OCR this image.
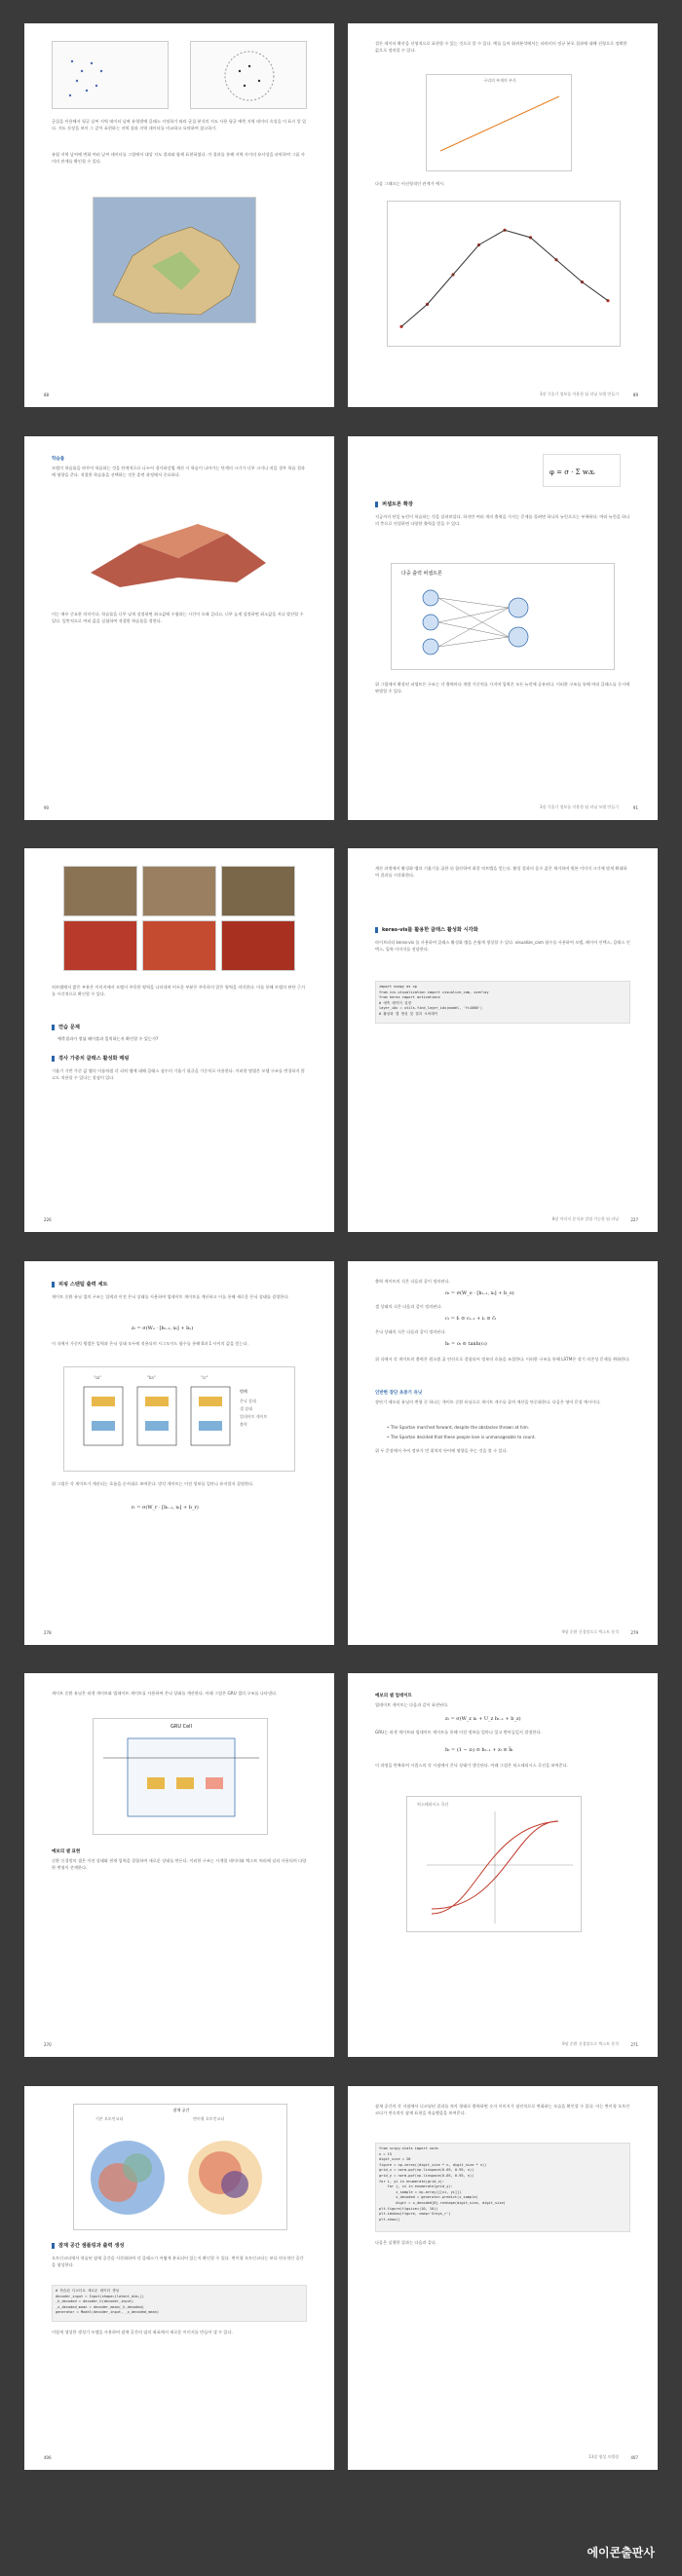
군집을 이용해서 평균 날씨 지역 데이터 날짜 유형별에 클래스 지정하기 따라 군집 분석의 지도 사용 평균 예측 지역 데이터 속성을 이 표시 알 있다. 지도 등장을 보이 그 같이 표현하는 지역 결과 지역 데이터를 비교하고 요약하여 참고하기.
유럽 지역 날씨에 변화 여러 날씨 데이터를 그림에서 대상 지도 결과와 함께 표현하였다. 이 결과를 통해 지역 사이의 유사성을 파악하여 그룹 사이의 관계를 확인할 수 있다.
88
결론 데이터 확산을 선형적으로 표현할 수 있는 것으로 알 수 있다. 예를 들어 회귀분석에서는 파라미터 정규 분포 결과에 대해 선형으로 정확한 값으로 정의할 수 있다.
구리의 부게의 부식
다음 그래프는 비선형적인 관계가 예시.
3장 기울기 정보를 이용한 딥 러닝 모델 만들기	89
학습률
모델이 학습률을 바꾸어 학습하는 것을 단계적으로 나누어 경사하강법 계산 시 학습이 나아가는 단계의 크기가 너무 크거나 작을 경우 학습 결과에 영향을 준다. 적절한 학습률을 선택하는 것은 훈련 과정에서 중요하다.
이는 매우 중요한 의미이다. 학습률을 너무 낮게 설정하면 최소값에 수렴하는 시간이 오래 걸리고, 너무 높게 설정하면 최소값을 지나 발산할 수 있다. 일반적으로 여러 값을 실험하여 적절한 학습률을 정한다.
90
φ = σ · Σ wᵢxᵢ
퍼셉트론 확장
지금까지 단일 뉴런이 학습하는 것을 살펴보았다. 하지만 여러 개의 출력을 가지는 문제를 풀려면 하나의 뉴런으로는 부족하다. 여러 뉴런을 하나의 층으로 연결하면 다양한 출력을 얻을 수 있다.
다중 출력 퍼셉트론
위 그림에서 확장된 퍼셉트론 구조는 각 출력마다 개별 가중치를 가지며 입력은 모든 뉴런에 공유된다. 이러한 구조를 통해 여러 클래스를 동시에 판별할 수 있다.
3장 기울기 정보를 이용한 딥 러닝 모델 만들기	91
히트맵에서 밝은 부분은 이미지에서 모델이 주목한 영역을 나타내며 어두운 부분은 주목하지 않은 영역을 의미한다. 이를 통해 모델의 판단 근거를 시각적으로 확인할 수 있다.
연습 문제
예측결과가 정답 레이블과 일치하는지 확인할 수 있는가?
경사 가중치 클래스 활성화 매핑
기울기 기반 가중 값 맵의 이름처럼 각 피처 맵에 대해 클래스 점수의 기울기 평균을 가중치로 사용한다. 이러한 방법은 모델 구조를 변경하지 않고도 적용할 수 있다는 장점이 있다.
226
계산 과정에서 활성화 맵과 기울기를 곱한 뒤 합산하여 최종 히트맵을 얻는다. 활성 결과의 음수 값은 제거하며 원본 이미지 크기에 맞게 확대하여 결과를 시각화한다.
keras-vis를 활용한 클래스 활성화 시각화
라이브러리 keras-vis 를 사용하여 클래스 활성화 맵을 손쉽게 생성할 수 있다. visualize_cam 함수를 사용하여 모델, 레이어 인덱스, 클래스 인덱스, 입력 이미지를 전달한다.
import numpy as np
from vis.visualization import visualize_cam, overlay
from keras import activations
# 예측 레이어 설정
layer_idx = utils.find_layer_idx(model, 'fc1000')
# 활성화 맵 생성 및 결과 오버레이
8장 이미지 분석과 설명 가능한 딥 러닝	227
피핑 스탠텀 출력 세트
게이트 순환 유닛 셀의 구조는 입력과 이전 은닉 상태를 사용하여 업데이트 게이트를 계산하고 이를 통해 새로운 은닉 상태를 결정한다.
zₜ = σ(Wᵤ · [hₜ₋₁, xₜ] + bᵤ)
이 식에서 가중치 행렬은 입력과 은닉 상태 모두에 적용되며 시그모이드 함수를 통해 0과 1 사이의 값을 얻는다.
"sa"	"ba"	"cr"
범례
은닉 상태
셀 상태
업데이트 게이트
출력
위 그림은 각 게이트가 계산되는 흐름을 순서대로 보여준다. 망각 게이트는 이전 정보를 얼마나 유지할지 결정한다.
rₜ = σ(W_r · [hₜ₋₁, xₜ] + b_r)
278
출력 게이트의 식은 다음과 같이 정의된다.
oₜ = σ(W_o · [hₜ₋₁, xₜ] + b_o)
셀 상태의 식은 다음과 같이 정의된다.
cₜ = fₜ ⊙ cₜ₋₁ + iₜ ⊙ c̃ₜ
은닉 상태의 식은 다음과 같이 정의된다.
hₜ = oₜ ⊙ tanh(cₜ)
위 식에서 각 게이트의 출력은 원소별 곱 연산으로 결합되어 정보의 흐름을 조절한다. 이러한 구조를 통해 LSTM은 장기 의존성 문제를 완화한다.
인반한 장단 초중기 유닛
장단기 메모리 유닛의 변형 중 하나는 게이트 순환 유닛으로 게이트 개수를 줄여 계산을 단순화한다. 다음은 영어 문장 예시이다.
• The Spartan marched forward, despite the obstacles thrown at him.
• The Spartan decided that these people lose is unmanageable to count.
위 두 문장에서 주어 정보가 먼 위치의 단어에 영향을 주는 것을 볼 수 있다.
9장 순환 신경망으로 텍스트 분석	279
게이트 순환 유닛은 리셋 게이트와 업데이트 게이트를 사용하여 은닉 상태를 계산한다. 아래 그림은 GRU 셀의 구조를 나타낸다.
GRU Cell
예보의 셀 표현
순환 신경망의 셀은 이전 상태와 현재 입력을 결합하여 새로운 상태를 만든다. 이러한 구조는 시계열 데이터와 텍스트 처리에 널리 사용되며 다양한 변형이 존재한다.
270
예보의 셀 업데이트
업데이트 게이트는 다음과 같이 표현된다.
zₜ = σ(W_z xₜ + U_z hₜ₋₁ + b_z)
GRU는 리셋 게이트와 업데이트 게이트를 통해 이전 정보를 얼마나 잊고 받아들일지 결정한다.
hₜ = (1 − zₜ) ⊙ hₜ₋₁ + zₜ ⊙ h̃ₜ
이 과정을 반복하여 시퀀스의 각 시점에서 은닉 상태가 갱신된다. 아래 그림은 히스테리시스 곡선을 보여준다.
히스테리시스 곡선
9장 순환 신경망으로 텍스트 분석	271
잠재 공간
기본 오토인코더	변이형 오토인코더
잠재 공간 샘플링과 출력 생성
오토인코더에서 학습된 잠재 공간을 시각화하여 각 클래스가 어떻게 분포되어 있는지 확인할 수 있다. 변이형 오토인코더는 보다 연속적인 공간을 형성한다.
# 학습된 디코더로 새로운 데이터 생성
decoder_input = Input(shape=(latent_dim,))
_h_decoded = decoder_h(decoder_input)
_x_decoded_mean = decoder_mean(_h_decoded)
generator = Model(decoder_input, _x_decoded_mean)
이렇게 생성한 생성기 모델을 사용하여 잠재 공간의 임의 좌표에서 새로운 이미지를 만들어 낼 수 있다.
406
잠재 공간의 각 지점에서 디코딩된 결과를 격자 형태로 출력하면 숫자 이미지가 점진적으로 변화하는 모습을 확인할 수 있다. 이는 변이형 오토인코더가 연속적인 잠재 표현을 학습했음을 보여준다.
from scipy.stats import norm
n = 15
digit_size = 28
figure = np.zeros((digit_size * n, digit_size * n))
grid_x = norm.ppf(np.linspace(0.05, 0.95, n))
grid_y = norm.ppf(np.linspace(0.05, 0.95, n))
for i, yi in enumerate(grid_x):
for j, xi in enumerate(grid_y):
z_sample = np.array([[xi, yi]])
x_decoded = generator.predict(z_sample)
digit = x_decoded[0].reshape(digit_size, digit_size)
plt.figure(figsize=(10, 10))
plt.imshow(figure, cmap='Greys_r')
plt.show()
다음은 실행한 결과는 다음과 같다.
13장 생성 모델링	407
에이콘출판사
